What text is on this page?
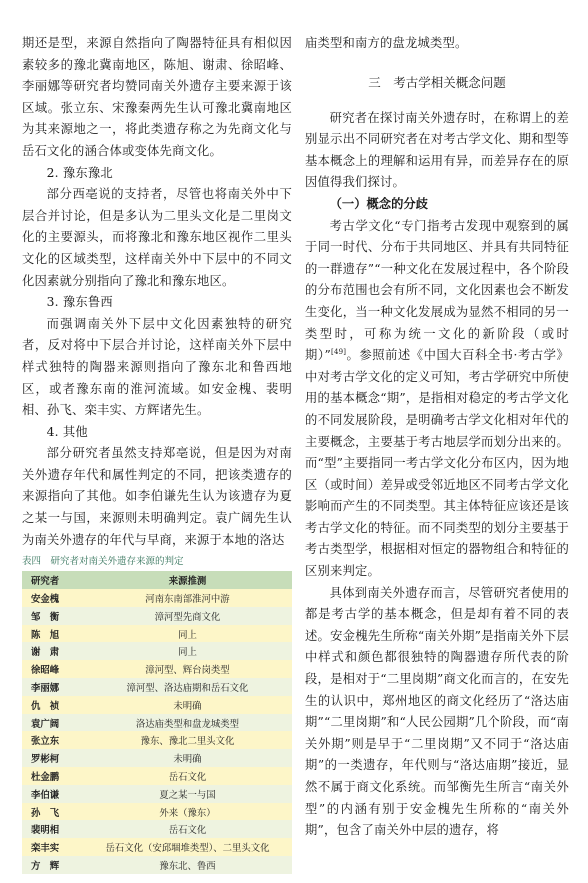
期还是型，来源自然指向了陶器特征具有相似因素较多的豫北冀南地区，陈旭、谢肃、徐昭峰、李丽娜等研究者均赞同南关外遗存主要来源于该区域。张立东、宋豫秦两先生认可豫北冀南地区为其来源地之一，将此类遗存称之为先商文化与岳石文化的涵合体或变体先商文化。

2. 豫东豫北

部分西亳说的支持者，尽管也将南关外中下层合并讨论，但是多认为二里头文化是二里岗文化的主要源头，而将豫北和豫东地区视作二里头文化的区域类型，这样南关外中下层中的不同文化因素就分别指向了豫北和豫东地区。

3. 豫东鲁西

而强调南关外下层中文化因素独特的研究者，反对将中下层合并讨论，这样南关外下层中样式独特的陶器来源则指向了豫东北和鲁西地区，或者豫东南的淮河流域。如安金槐、裴明相、孙飞、栾丰实、方辉诸先生。

4. 其他

部分研究者虽然支持郑亳说，但是因为对南关外遗存年代和属性判定的不同，把该类遗存的来源指向了其他。如李伯谦先生认为该遗存为夏之某一与国，来源则未明确判定。袁广阔先生认为南关外遗存的年代与早商，来源于本地的洛达

表四　研究者对南关外遗存来源的判定
研究者	来源推测
安金槐	河南东南部淮河中游
邹　衡	漳河型先商文化
陈　旭	同上
谢　肃	同上
徐昭峰	漳河型、辉台岗类型
李丽娜	漳河型、洛达庙期和岳石文化
仇　祯	未明确
袁广阔	洛达庙类型和盘龙城类型
张立东	豫东、豫北二里头文化
罗彬柯	未明确
杜金鹏	岳石文化
李伯谦	夏之某一与国
孙　飞	外来（豫东）
裴明相	岳石文化
栾丰实	岳石文化（安邱堌堆类型）、二里头文化
方　辉	豫东北、鲁西

庙类型和南方的盘龙城类型。

三　考古学相关概念问题

研究者在探讨南关外遗存时，在称谓上的差别显示出不同研究者在对考古学文化、期和型等基本概念上的理解和运用有异，而差异存在的原因值得我们探讨。

（一）概念的分歧

考古学文化“专门指考古发现中观察到的属于同一时代、分布于共同地区、并具有共同特征的一群遗存”“一种文化在发展过程中，各个阶段的分布范围也会有所不同，文化因素也会不断发生变化，当一种文化发展成为显然不相同的另一类型时，可称为统一文化的新阶段（或时期）”[49]。参照前述《中国大百科全书·考古学》中对考古学文化的定义可知，考古学研究中所使用的基本概念“期”，是指相对稳定的考古学文化的不同发展阶段，是明确考古学文化相对年代的主要概念，主要基于考古地层学而划分出来的。而“型”主要指同一考古学文化分布区内，因为地区（或时间）差异或受邻近地区不同考古学文化影响而产生的不同类型。其主体特征应该还是该考古学文化的特征。而不同类型的划分主要基于考古类型学，根据相对恒定的器物组合和特征的区别来判定。

具体到南关外遗存而言，尽管研究者使用的都是考古学的基本概念，但是却有着不同的表述。安金槐先生所称“南关外期”是指南关外下层中样式和颜色都很独特的陶器遗存所代表的阶段，是相对于“二里岗期”商文化而言的，在安先生的认识中，郑州地区的商文化经历了“洛达庙期”“二里岗期”和“人民公园期”几个阶段，而“南关外期”则是早于“二里岗期”又不同于“洛达庙期”的一类遗存，年代则与“洛达庙期”接近，显然不属于商文化系统。而邹衡先生所言“南关外型”的内涵有别于安金槐先生所称的“南关外期”，包含了南关外中层的遗存，将
